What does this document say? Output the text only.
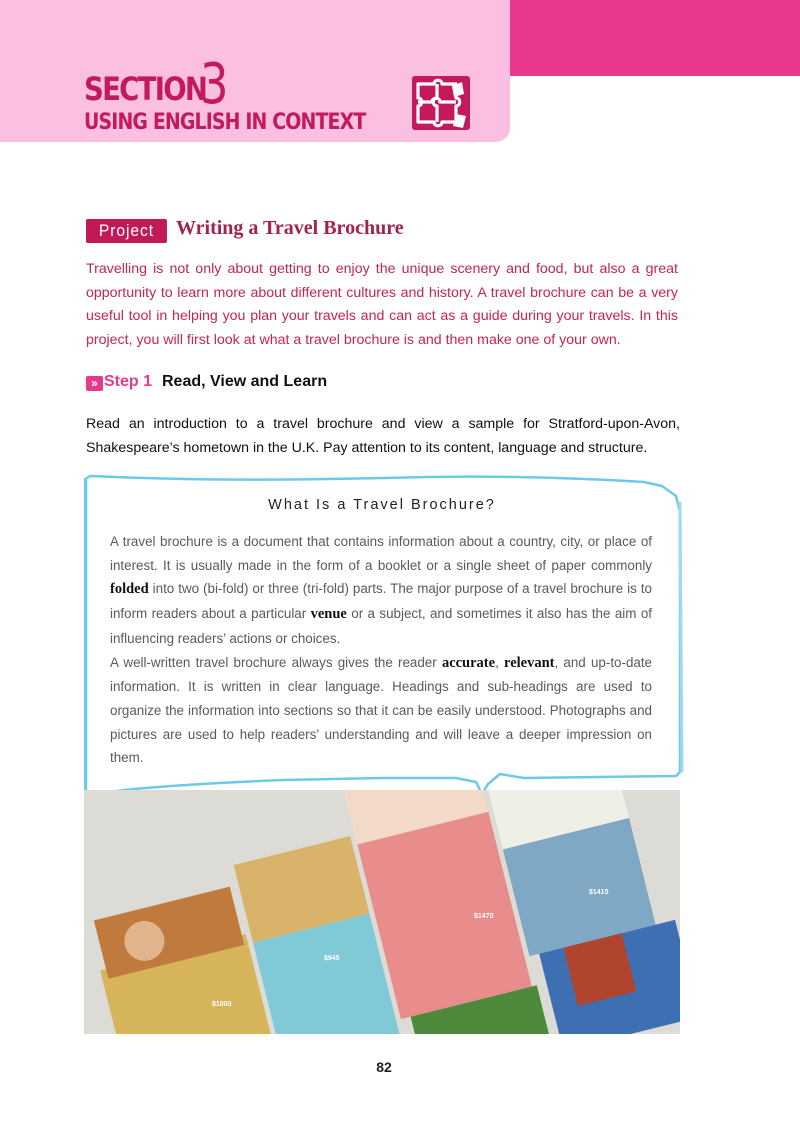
SECTION
3
USING ENGLISH IN CONTEXT
Project	Writing a Travel Brochure
Travelling is not only about getting to enjoy the unique scenery and food, but also a great opportunity to learn more about different cultures and history. A travel brochure can be a very useful tool in helping you plan your travels and can act as a guide during your travels. In this project, you will first look at what a travel brochure is and then make one of your own.
» Step 1 Read, View and Learn
Read an introduction to a travel brochure and view a sample for Stratford-upon-Avon, Shakespeare’s hometown in the U.K. Pay attention to its content, language and structure.
What Is a Travel Brochure?
A travel brochure is a document that contains information about a country, city, or place of interest. It is usually made in the form of a booklet or a single sheet of paper commonly folded into two (bi-fold) or three (tri-fold) parts. The major purpose of a travel brochure is to inform readers about a particular venue or a subject, and sometimes it also has the aim of influencing readers’ actions or choices.
A well-written travel brochure always gives the reader accurate, relevant, and up-to-date information. It is written in clear language. Headings and sub-headings are used to organize the information into sections so that it can be easily understood. Photographs and pictures are used to help readers’ understanding and will leave a deeper impression on them.
$1000
$945
$1470
$1415
82
